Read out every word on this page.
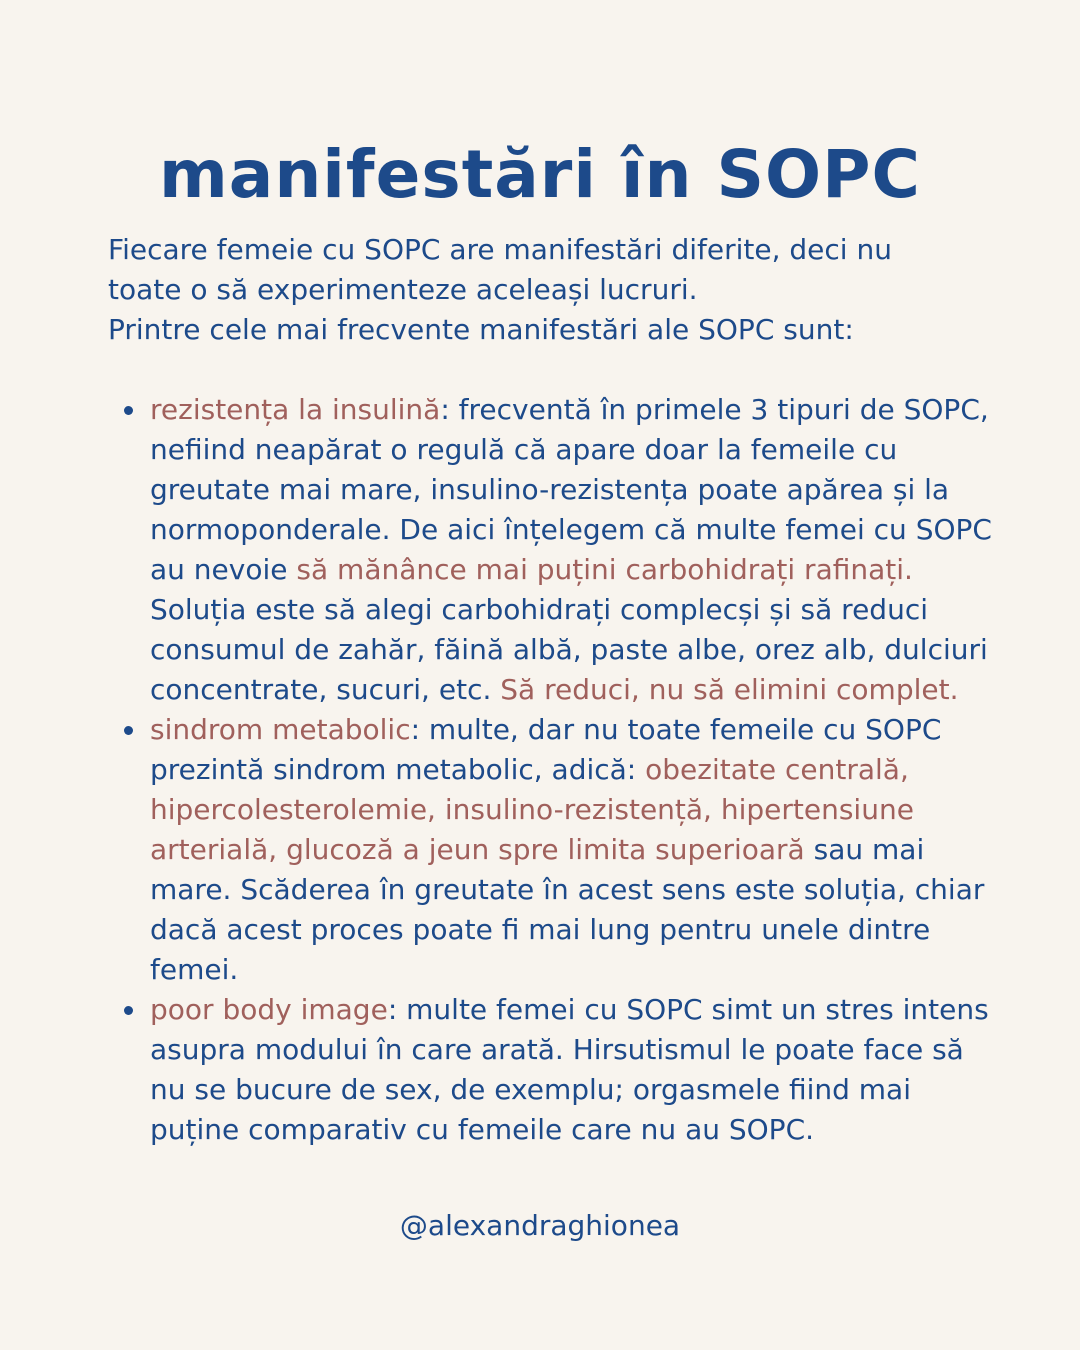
manifestări în SOPC

Fiecare femeie cu SOPC are manifestări diferite, deci nu
toate o să experimenteze aceleași lucruri.
Printre cele mai frecvente manifestări ale SOPC sunt:

rezistența la insulină: frecventă în primele 3 tipuri de SOPC, nefiind neapărat o regulă că apare doar la femeile cu greutate mai mare, insulino-rezistența poate apărea și la normoponderale. De aici înțelegem că multe femei cu SOPC au nevoie să mănânce mai puțini carbohidrați rafinați. Soluția este să alegi carbohidrați complecși și să reduci consumul de zahăr, făină albă, paste albe, orez alb, dulciuri concentrate, sucuri, etc. Să reduci, nu să elimini complet.
sindrom metabolic: multe, dar nu toate femeile cu SOPC prezintă sindrom metabolic, adică: obezitate centrală, hipercolesterolemie, insulino-rezistență, hipertensiune arterială, glucoză a jeun spre limita superioară sau mai mare. Scăderea în greutate în acest sens este soluția, chiar dacă acest proces poate fi mai lung pentru unele dintre femei.
poor body image: multe femei cu SOPC simt un stres intens asupra modului în care arată. Hirsutismul le poate face să nu se bucure de sex, de exemplu; orgasmele fiind mai puține comparativ cu femeile care nu au SOPC.

@alexandraghionea
